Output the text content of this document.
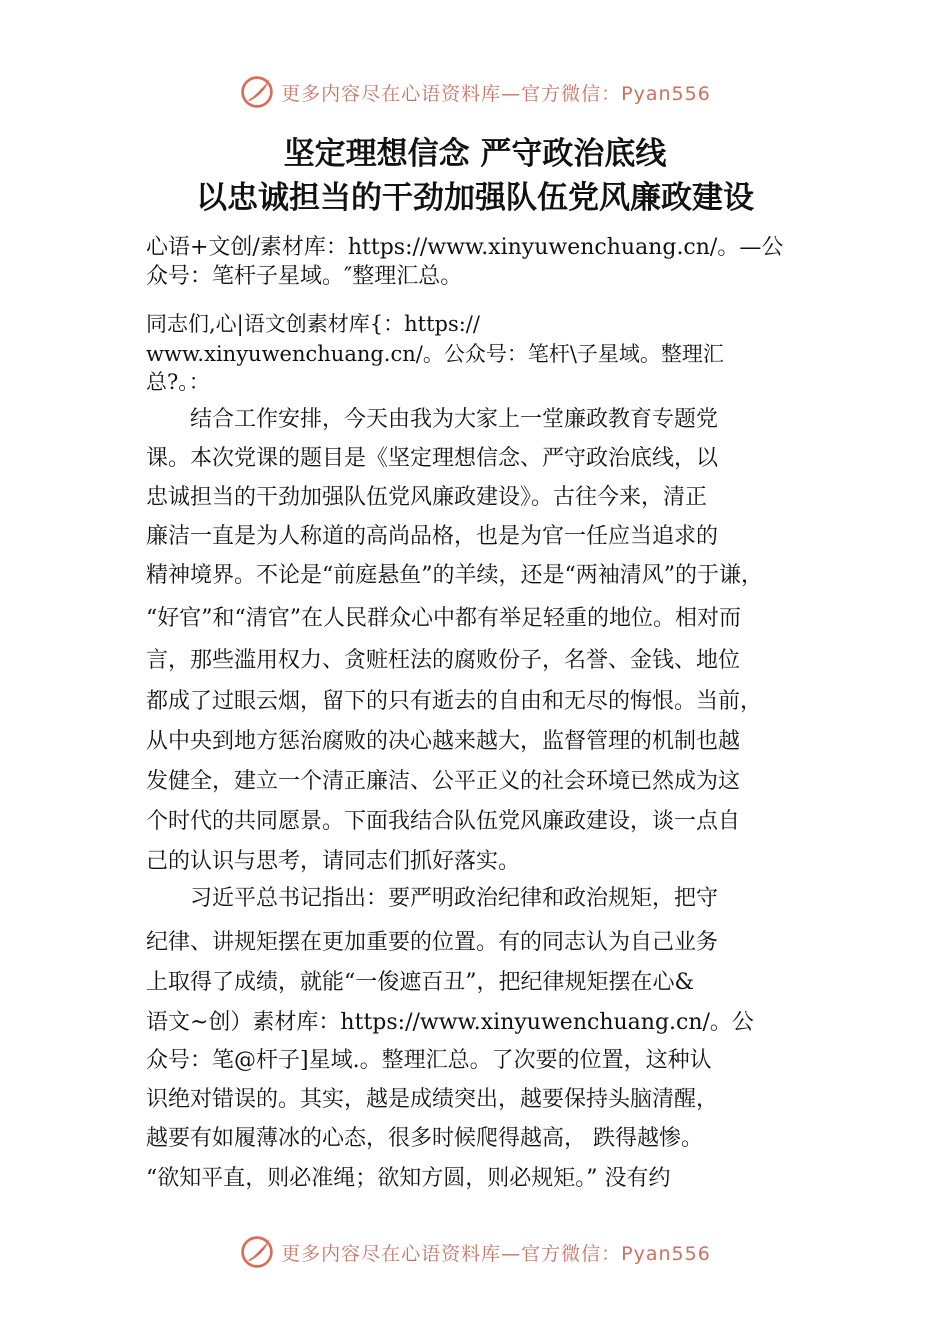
更多内容尽在心语资料库—官方微信：Pyan556
坚定理想信念 严守政治底线
以忠诚担当的干劲加强队伍党风廉政建设
心语+文创/素材库：https://www.xinyuwenchuang.cn/。—公
众号：笔杆子星域。″整理汇总。
同志们,心|语文创素材库{：https://
www.xinyuwenchuang.cn/。公众号：笔杆\子星域。整理汇
总?。：
　　结合工作安排，今天由我为大家上一堂廉政教育专题党
课。本次党课的题目是《坚定理想信念、严守政治底线，以
忠诚担当的干劲加强队伍党风廉政建设》。古往今来，清正
廉洁一直是为人称道的高尚品格，也是为官一任应当追求的
精神境界。不论是“前庭悬鱼”的羊续，还是“两袖清风”的于谦，
“好官”和“清官”在人民群众心中都有举足轻重的地位。相对而
言，那些滥用权力、贪赃枉法的腐败份子，名誉、金钱、地位
都成了过眼云烟，留下的只有逝去的自由和无尽的悔恨。当前，
从中央到地方惩治腐败的决心越来越大，监督管理的机制也越
发健全，建立一个清正廉洁、公平正义的社会环境已然成为这
个时代的共同愿景。下面我结合队伍党风廉政建设，谈一点自
己的认识与思考，请同志们抓好落实。
　　习近平总书记指出：要严明政治纪律和政治规矩，把守
纪律、讲规矩摆在更加重要的位置。有的同志认为自己业务
上取得了成绩，就能“一俊遮百丑”，把纪律规矩摆在心&
语文~创）素材库：https://www.xinyuwenchuang.cn/。公
众号：笔@杆子]星域.。整理汇总。了次要的位置，这种认
识绝对错误的。其实，越是成绩突出，越要保持头脑清醒，
越要有如履薄冰的心态，很多时候爬得越高， 跌得越惨。
“欲知平直，则必准绳；欲知方圆，则必规矩。” 没有约
更多内容尽在心语资料库—官方微信：Pyan556
